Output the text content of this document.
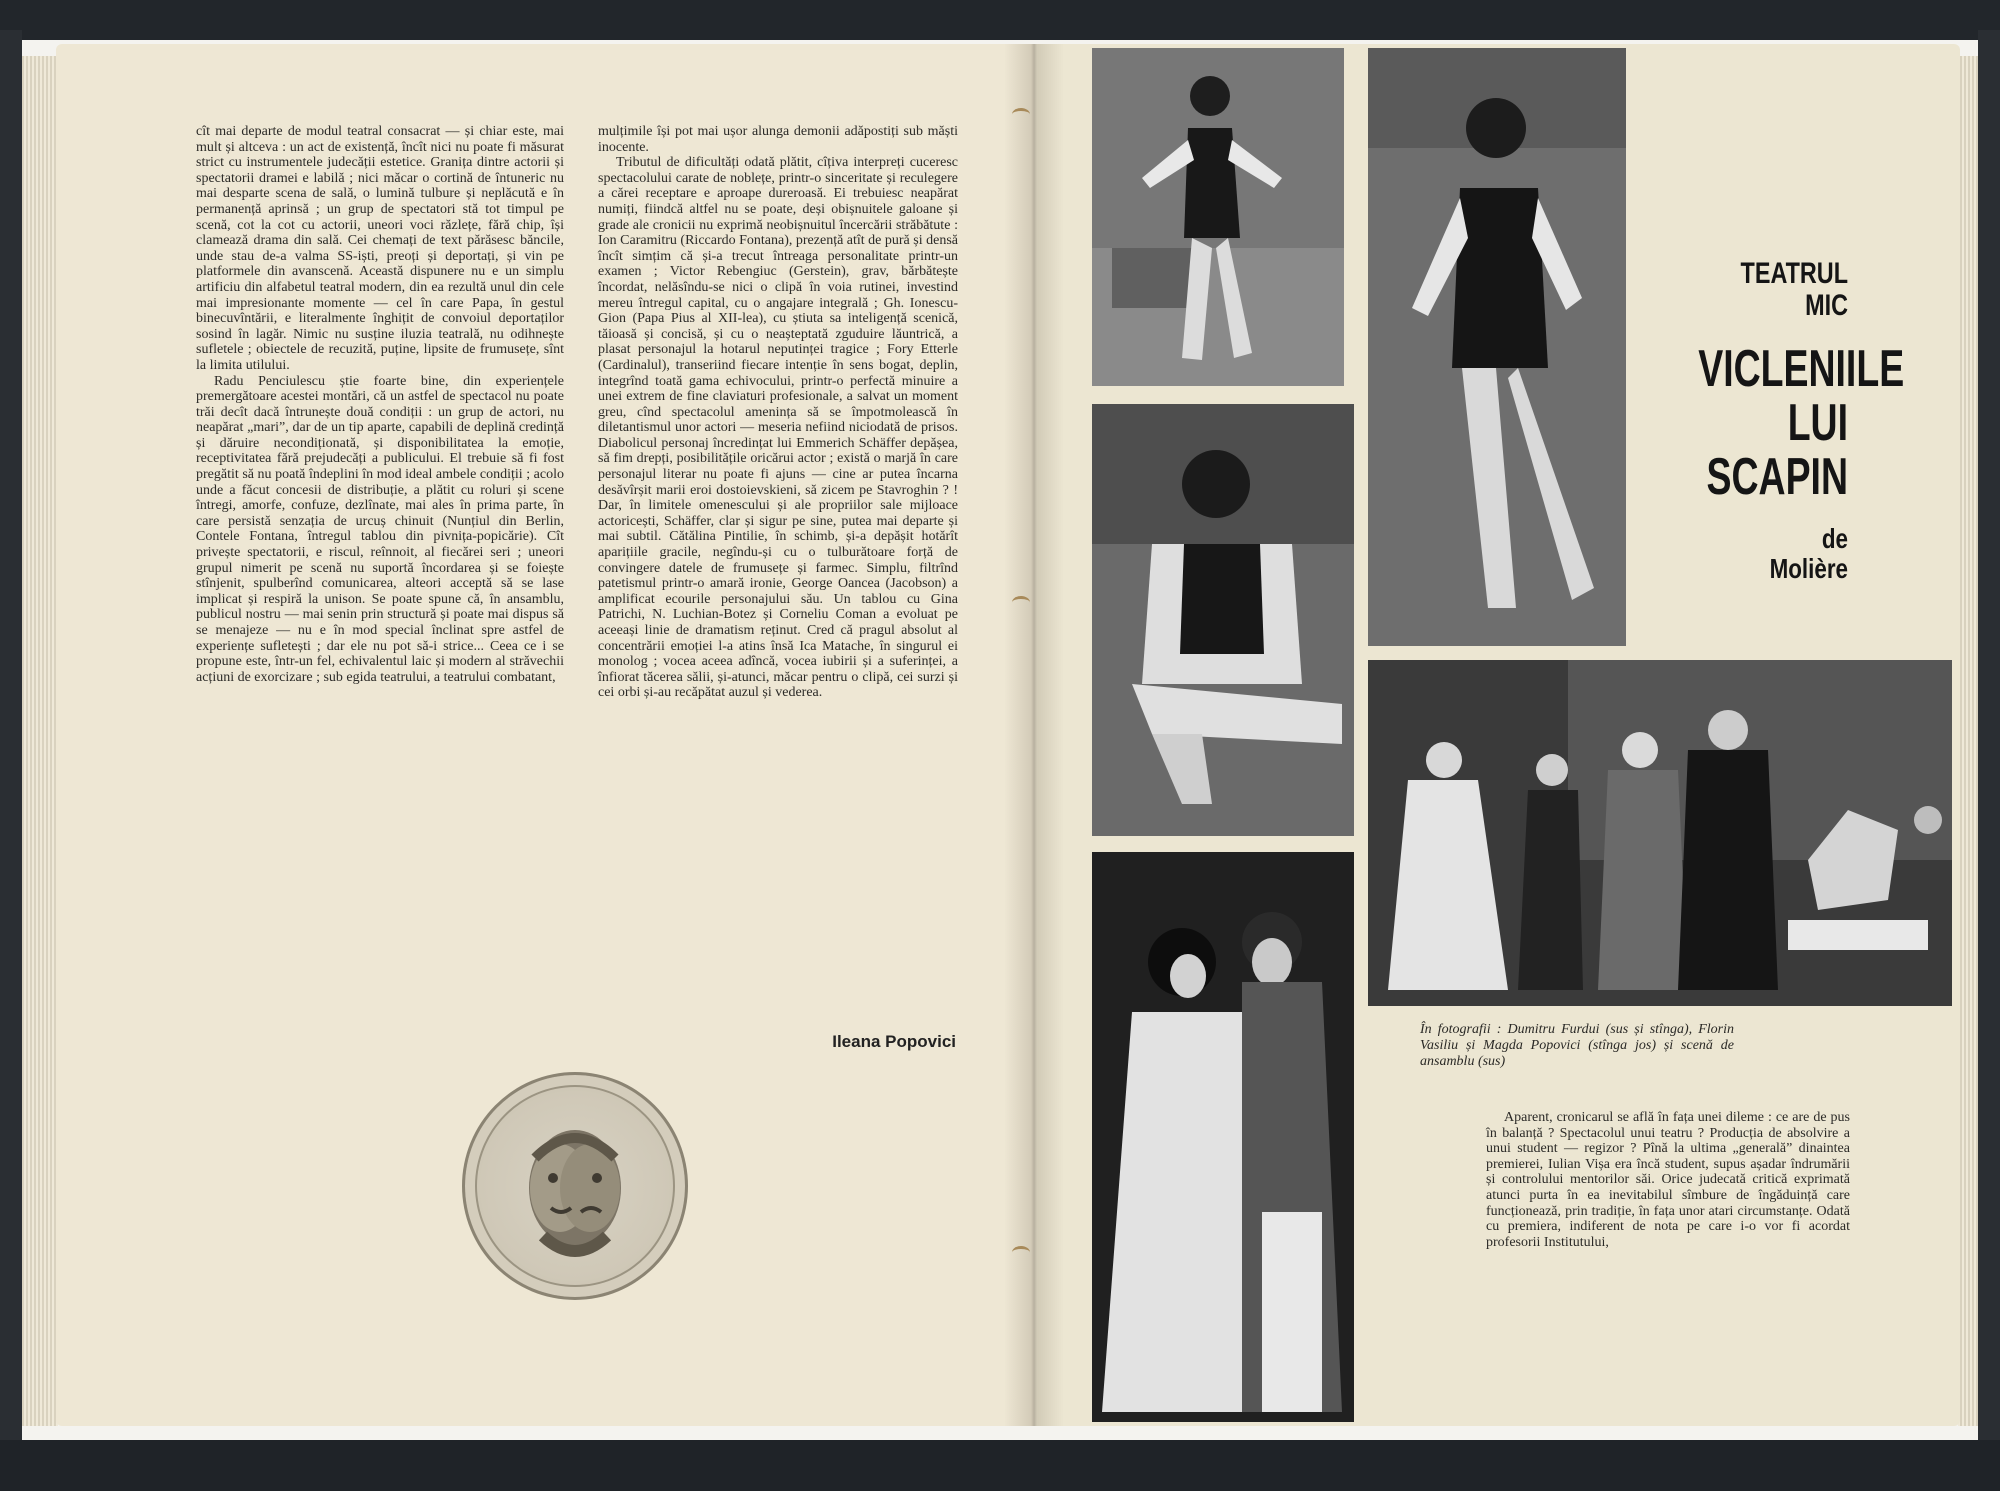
cît mai departe de modul teatral consacrat — și chiar este, mai mult și altceva : un act de existență, încît nici nu poate fi măsurat strict cu instrumentele judecății estetice. Granița dintre actorii și spectatorii dramei e labilă ; nici măcar o cortină de întuneric nu mai desparte scena de sală, o lumină tulbure și neplăcută e în permanență aprinsă ; un grup de spectatori stă tot timpul pe scenă, cot la cot cu actorii, uneori voci răzlețe, fără chip, își clamează drama din sală. Cei chemați de text părăsesc băncile, unde stau de-a valma SS-iști, preoți și deportați, și vin pe platformele din avanscenă. Această dispunere nu e un simplu artificiu din alfabetul teatral modern, din ea rezultă unul din cele mai impresionante momente — cel în care Papa, în gestul binecuvîntării, e literalmente înghițit de convoiul deportaților sosind în lagăr. Nimic nu susține iluzia teatrală, nu odihnește sufletele ; obiectele de recuzită, puține, lipsite de frumusețe, sînt la limita utilului.

Radu Penciulescu știe foarte bine, din experiențele premergătoare acestei montări, că un astfel de spectacol nu poate trăi decît dacă întrunește două condiții : un grup de actori, nu neapărat „mari”, dar de un tip aparte, capabili de deplină credință și dăruire necondiționată, și disponibilitatea la emoție, receptivitatea fără prejudecăți a publicului. El trebuie să fi fost pregătit să nu poată îndeplini în mod ideal ambele condiții ; acolo unde a făcut concesii de distribuție, a plătit cu roluri și scene întregi, amorfe, confuze, dezlînate, mai ales în prima parte, în care persistă senzația de urcuș chinuit (Nunțiul din Berlin, Contele Fontana, întregul tablou din pivnița-popicărie). Cît privește spectatorii, e riscul, reînnoit, al fiecărei seri ; uneori grupul nimerit pe scenă nu suportă încordarea și se foiește stînjenit, spulberînd comunicarea, alteori acceptă să se lase implicat și respiră la unison. Se poate spune că, în ansamblu, publicul nostru — mai senin prin structură și poate mai dispus să se menajeze — nu e în mod special înclinat spre astfel de experiențe sufletești ; dar ele nu pot să-i strice... Ceea ce i se propune este, într-un fel, echivalentul laic și modern al străvechii acțiuni de exorcizare ; sub egida teatrului, a teatrului combatant,

mulțimile își pot mai ușor alunga demonii adăpostiți sub măști inocente.

Tributul de dificultăți odată plătit, cîțiva interpreți cuceresc spectacolului carate de noblețe, printr-o sinceritate și reculegere a cărei receptare e aproape dureroasă. Ei trebuiesc neapărat numiți, fiindcă altfel nu se poate, deși obișnuitele galoane și grade ale cronicii nu exprimă neobișnuitul încercării străbătute : Ion Caramitru (Riccardo Fontana), prezență atît de pură și densă încît simțim că și-a trecut întreaga personalitate printr-un examen ; Victor Rebengiuc (Gerstein), grav, bărbătește încordat, nelăsîndu-se nici o clipă în voia rutinei, investind mereu întregul capital, cu o angajare integrală ; Gh. Ionescu-Gion (Papa Pius al XII-lea), cu știuta sa inteligență scenică, tăioasă și concisă, și cu o neașteptată zguduire lăuntrică, a plasat personajul la hotarul neputinței tragice ; Fory Etterle (Cardinalul), transeriind fiecare intenție în sens bogat, deplin, integrînd toată gama echivocului, printr-o perfectă minuire a unei extrem de fine claviaturi profesionale, a salvat un moment greu, cînd spectacolul amenința să se împotmolească în diletantismul unor actori — meseria nefiind niciodată de prisos. Diabolicul personaj încredințat lui Emmerich Schäffer depășea, să fim drepți, posibilitățile oricărui actor ; există o marjă în care personajul literar nu poate fi ajuns — cine ar putea încarna desăvîrșit marii eroi dostoievskieni, să zicem pe Stavroghin ? ! Dar, în limitele omenescului și ale propriilor sale mijloace actoricești, Schäffer, clar și sigur pe sine, putea mai departe și mai subtil. Cătălina Pintilie, în schimb, și-a depășit hotărît aparițiile gracile, negîndu-și cu o tulburătoare forță de convingere datele de frumusețe și farmec. Simplu, filtrînd patetismul printr-o amară ironie, George Oancea (Jacobson) a amplificat ecourile personajului său. Un tablou cu Gina Patrichi, N. Luchian-Botez și Corneliu Coman a evoluat pe aceeași linie de dramatism reținut. Cred că pragul absolut al concentrării emoției l-a atins însă Ica Matache, în singurul ei monolog ; vocea aceea adîncă, vocea iubirii și a suferinței, a înfiorat tăcerea sălii, și-atunci, măcar pentru o clipă, cei surzi și cei orbi și-au recăpătat auzul și vederea.

Ileana Popovici
TEATRUL
MIC
VICLENIILE
LUI
SCAPIN
de
Molière
În fotografii : Dumitru Furdui (sus și stînga), Florin Vasiliu și Magda Popovici (stînga jos) și scenă de ansamblu (sus)

Aparent, cronicarul se află în fața unei dileme : ce are de pus în balanță ? Spectacolul unui teatru ? Producția de absolvire a unui student — regizor ? Pînă la ultima „generală” dinaintea premierei, Iulian Vișa era încă student, supus așadar îndrumării și controlului mentorilor săi. Orice judecată critică exprimată atunci purta în ea inevitabilul sîmbure de îngăduință care funcționează, prin tradiție, în fața unor atari circumstanțe. Odată cu premiera, indiferent de nota pe care i-o vor fi acordat profesorii Institutului,
